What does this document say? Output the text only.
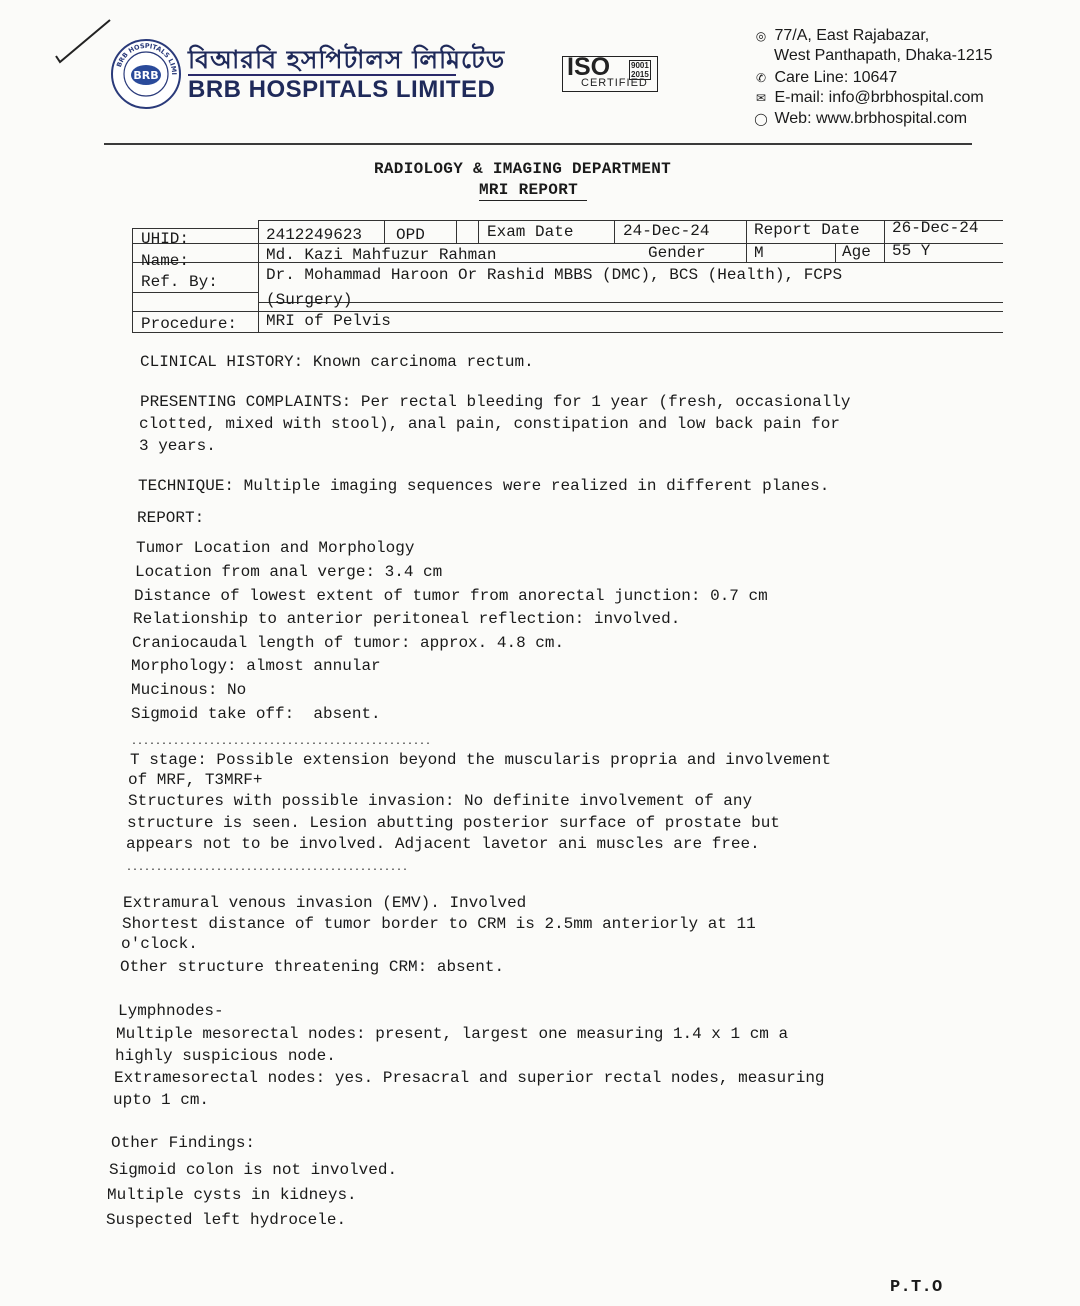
BRB HOSPITALS LIMI
BRB
বিআরবি হসপিটালস লিমিটেড
BRB HOSPITALS LIMITED
ISO	9001
2015
CERTIFIED
◎ 77/A, East Rajabazar,
West Panthapath, Dhaka-1215
✆ Care Line: 10647
✉ E-mail: info@brbhospital.com
◯ Web: www.brbhospital.com
RADIOLOGY & IMAGING DEPARTMENT
MRI REPORT
UHID:	2412249623 OPD	Exam Date	24-Dec-24	Report Date 26-Dec-24
Name:	Md. Kazi Mahfuzur Rahman	Gender	M	Age 55 Y
Ref. By:	Dr. Mohammad Haroon Or Rashid MBBS (DMC), BCS (Health), FCPS
(Surgery)
Procedure: MRI of Pelvis
CLINICAL HISTORY: Known carcinoma rectum.
PRESENTING COMPLAINTS: Per rectal bleeding for 1 year (fresh, occasionally
clotted, mixed with stool), anal pain, constipation and low back pain for
3 years.
TECHNIQUE: Multiple imaging sequences were realized in different planes.
REPORT:
Tumor Location and Morphology
Location from anal verge: 3.4 cm
Distance of lowest extent of tumor from anorectal junction: 0.7 cm
Relationship to anterior peritoneal reflection: involved.
Craniocaudal length of tumor: approx. 4.8 cm.
Morphology: almost annular
Mucinous: No
Sigmoid take off:  absent.
..................................................
T stage: Possible extension beyond the muscularis propria and involvement
of MRF, T3MRF+
Structures with possible invasion: No definite involvement of any
structure is seen. Lesion abutting posterior surface of prostate but
appears not to be involved. Adjacent lavetor ani muscles are free.
...............................................
Extramural venous invasion (EMV). Involved
Shortest distance of tumor border to CRM is 2.5mm anteriorly at 11
o'clock.
Other structure threatening CRM: absent.
Lymphnodes-
Multiple mesorectal nodes: present, largest one measuring 1.4 x 1 cm a
highly suspicious node.
Extramesorectal nodes: yes. Presacral and superior rectal nodes, measuring
upto 1 cm.
Other Findings:
Sigmoid colon is not involved.
Multiple cysts in kidneys.
Suspected left hydrocele.
P.T.O
